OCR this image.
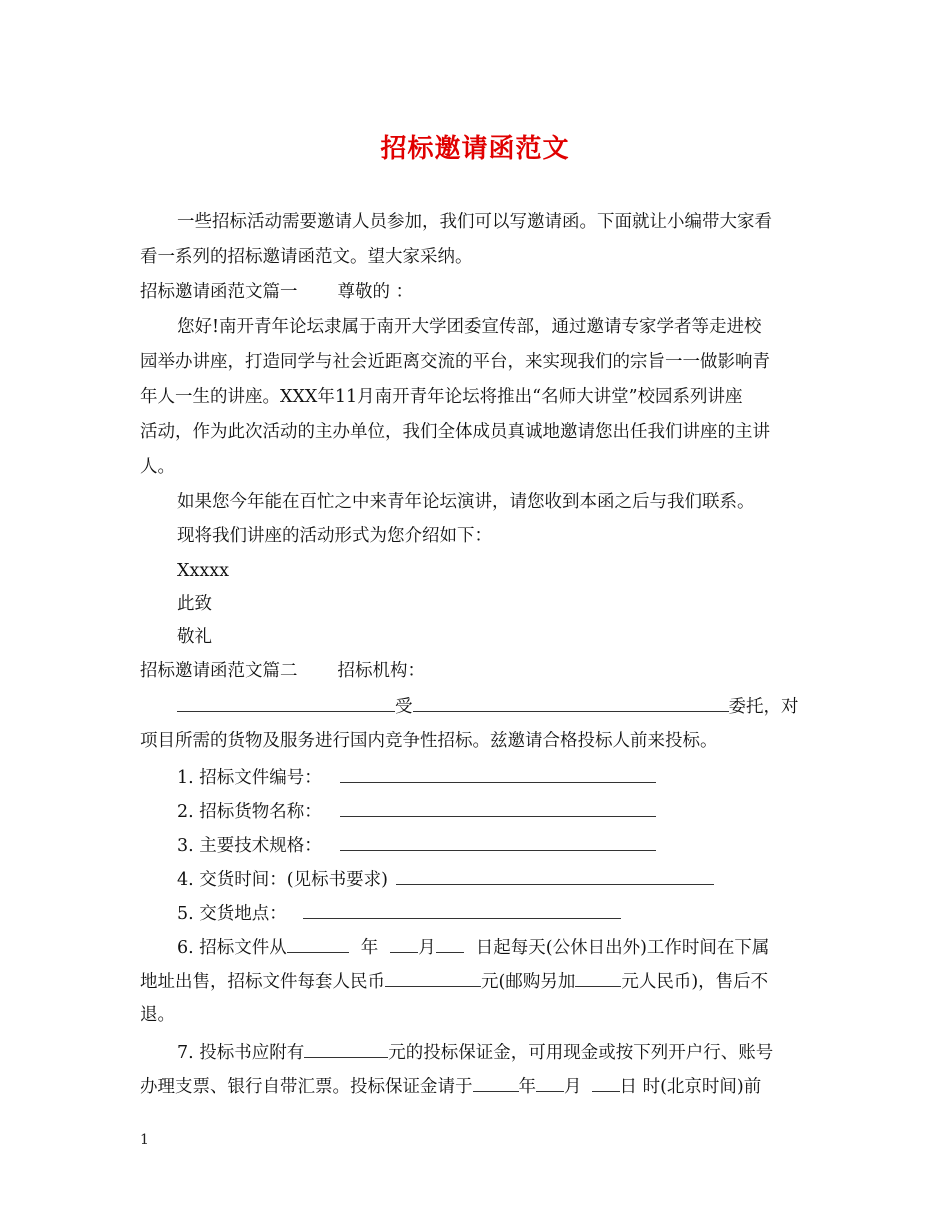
招标邀请函范文
一些招标活动需要邀请人员参加，我们可以写邀请函。下面就让小编带大家看
看一系列的招标邀请函范文。望大家采纳。
招标邀请函范文篇一 尊敬的 ：
您好!南开青年论坛隶属于南开大学团委宣传部，通过邀请专家学者等走进校
园举办讲座，打造同学与社会近距离交流的平台，来实现我们的宗旨一一做影响青
年人一生的讲座。XXX年11月南开青年论坛将推出“名师大讲堂”校园系列讲座
活动，作为此次活动的主办单位，我们全体成员真诚地邀请您出任我们讲座的主讲
人。
如果您今年能在百忙之中来青年论坛演讲，请您收到本函之后与我们联系。
现将我们讲座的活动形式为您介绍如下：
Xxxxx
此致
敬礼
招标邀请函范文篇二 招标机构：
受	委托，对
项目所需的货物及服务进行国内竞争性招标。兹邀请合格投标人前来投标。
1. 招标文件编号：
2. 招标货物名称：
3. 主要技术规格：
4. 交货时间：(见标书要求)
5. 交货地点：
6. 招标文件从	年 月 日起每天(公休日出外)工作时间在下属
地址出售，招标文件每套人民币	元(邮购另加	元人民币)，售后不
退。
7. 投标书应附有	元的投标保证金，可用现金或按下列开户行、账号
办理支票、银行自带汇票。投标保证金请于	年 月 日 时(北京时间)前
1
